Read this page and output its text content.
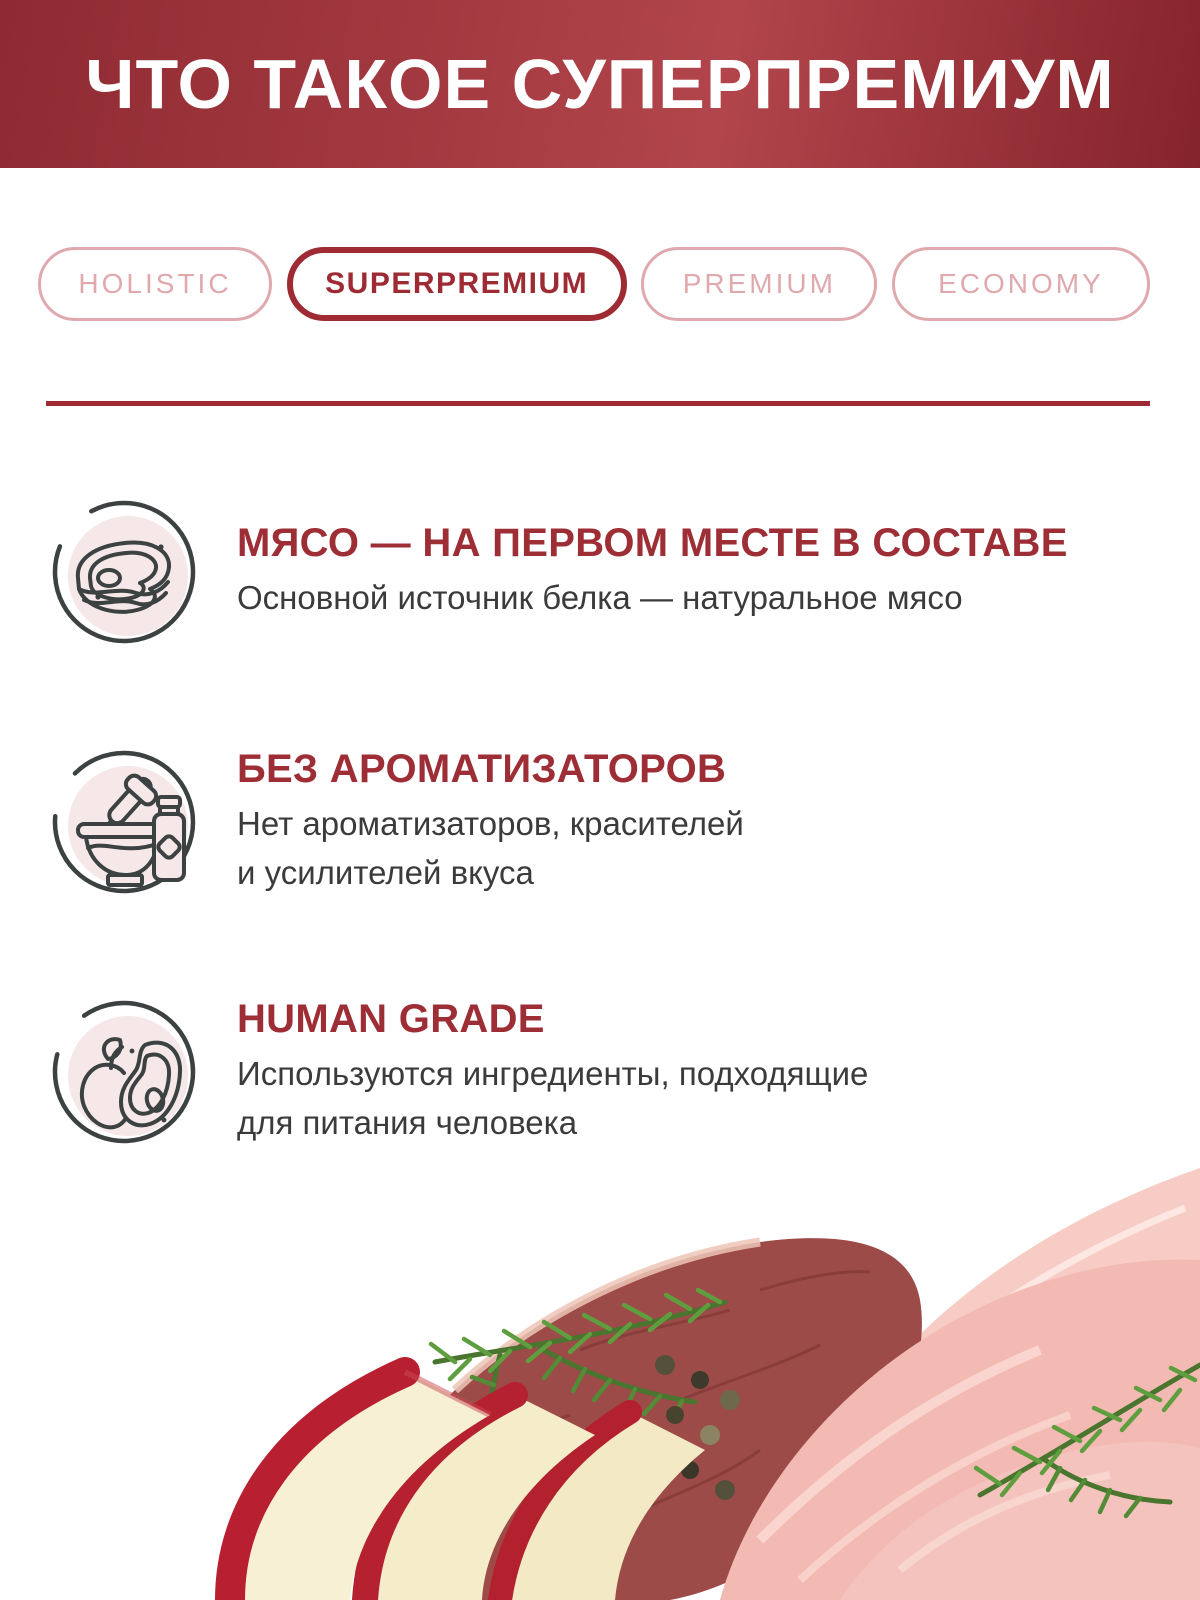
ЧТО ТАКОЕ СУПЕРПРЕМИУМ
HOLISTIC	SUPERPREMIUM	PREMIUM	ECONOMY
МЯСО — НА ПЕРВОМ МЕСТЕ В СОСТАВЕ
Основной источник белка — натуральное мясо
БЕЗ АРОМАТИЗАТОРОВ
Нет ароматизаторов, красителей
и усилителей вкуса
HUMAN GRADE
Используются ингредиенты, подходящие
для питания человека
